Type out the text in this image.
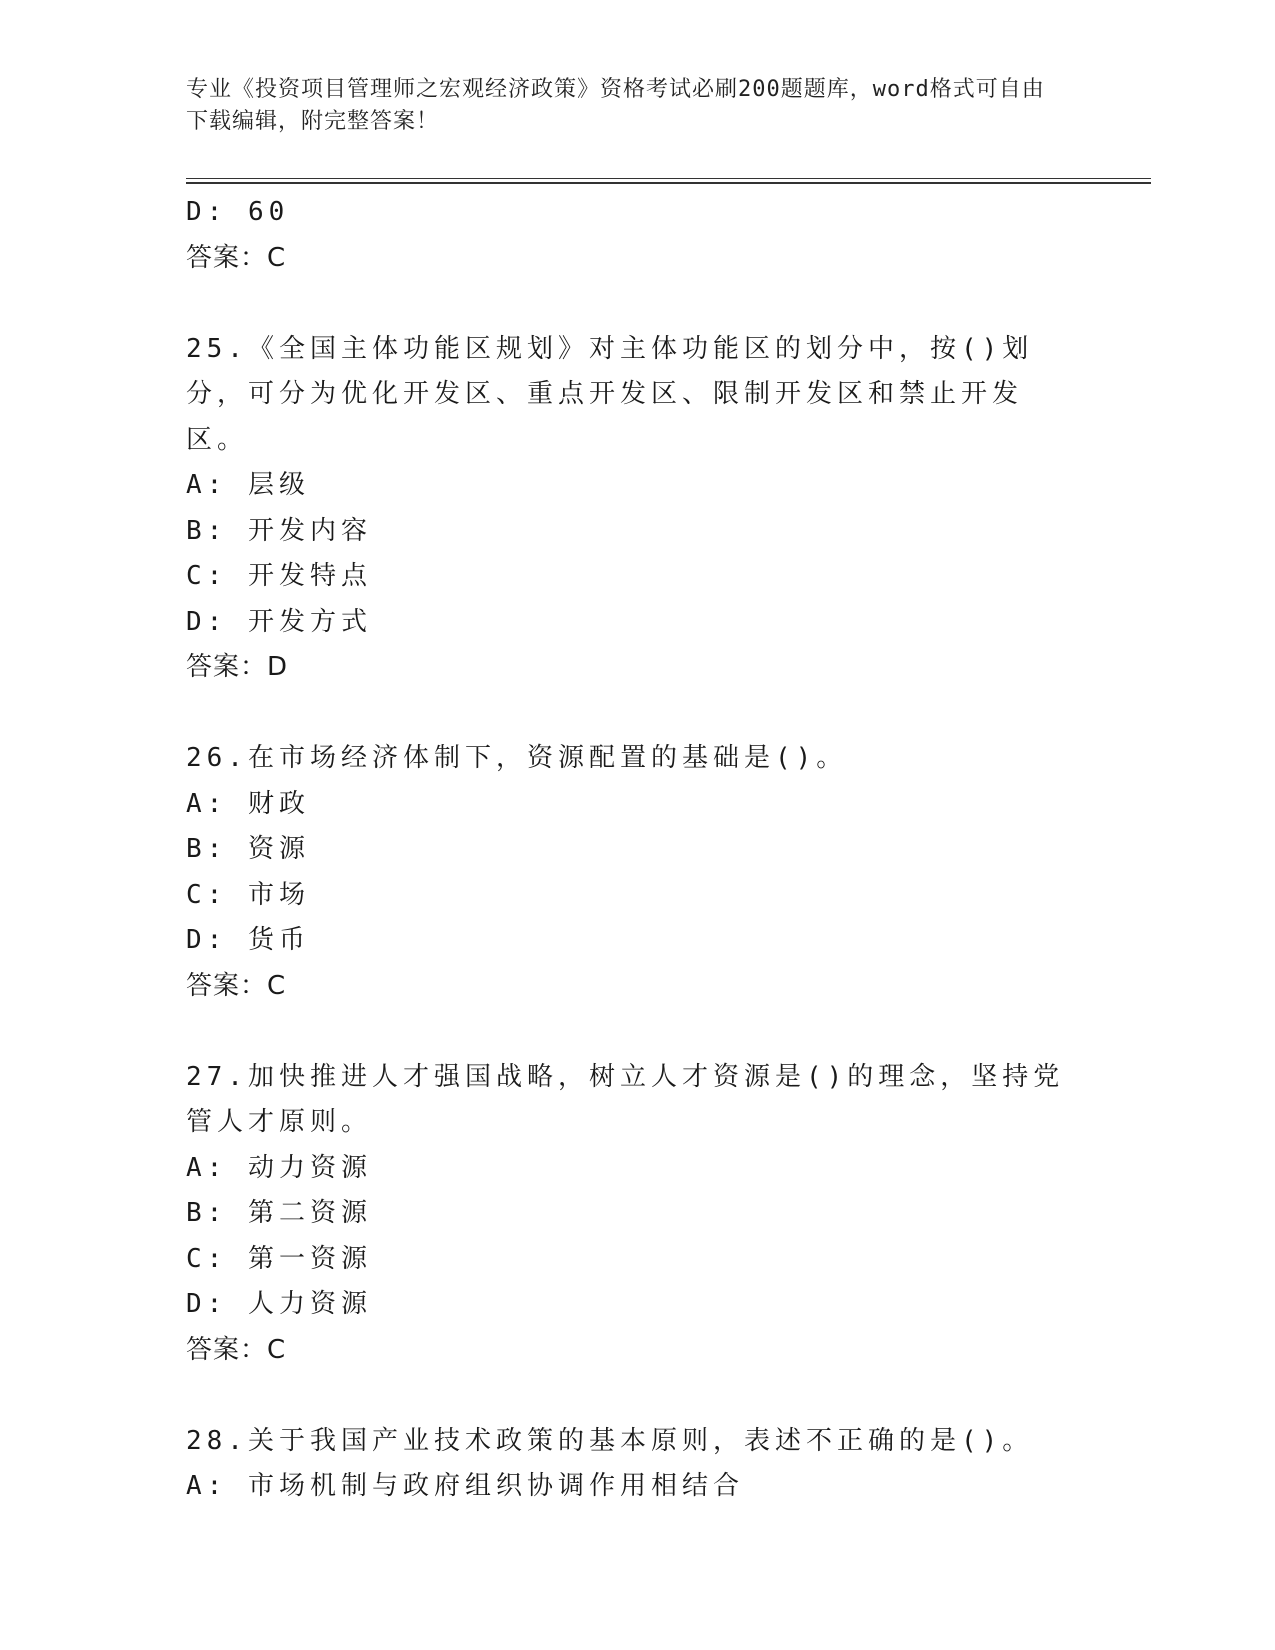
专业《投资项目管理师之宏观经济政策》资格考试必刷200题题库，word格式可自由下载编辑，附完整答案！
D: 60
答案：C
25.《全国主体功能区规划》对主体功能区的划分中，按()划分，可分为优化开发区、重点开发区、限制开发区和禁止开发区。
A: 层级
B: 开发内容
C: 开发特点
D: 开发方式
答案：D
26.在市场经济体制下，资源配置的基础是()。
A: 财政
B: 资源
C: 市场
D: 货币
答案：C
27.加快推进人才强国战略，树立人才资源是()的理念，坚持党管人才原则。
A: 动力资源
B: 第二资源
C: 第一资源
D: 人力资源
答案：C
28.关于我国产业技术政策的基本原则，表述不正确的是()。
A: 市场机制与政府组织协调作用相结合
